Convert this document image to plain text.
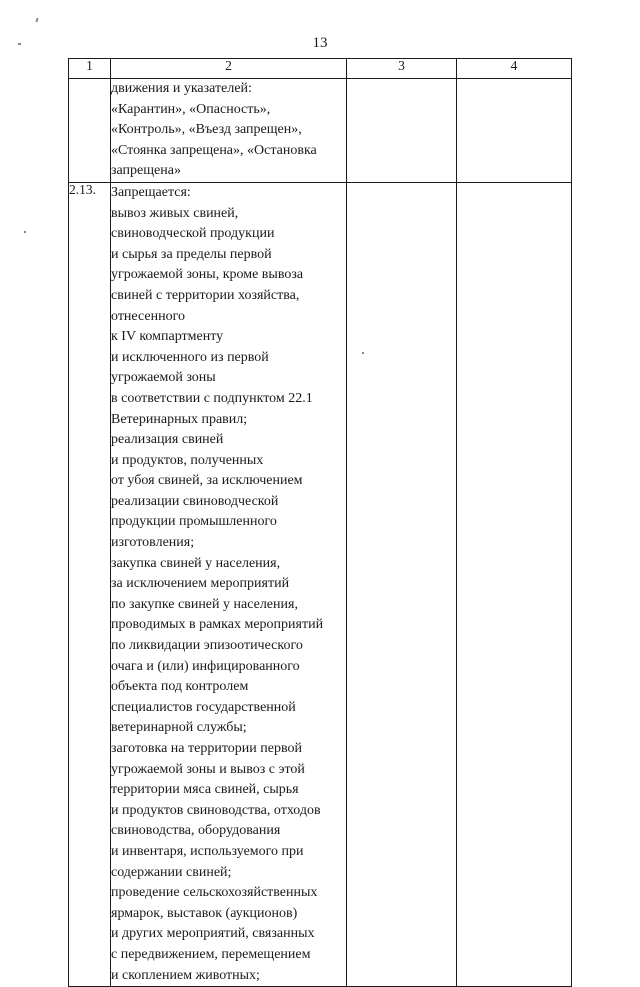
13
1	2	3	4

	движения и указателей:
«Карантин», «Опасность»,
«Контроль», «Въезд запрещен»,
«Стоянка запрещена», «Остановка
запрещена»		

2.13.	Запрещается:
вывоз живых свиней,
свиноводческой продукции
и сырья за пределы первой
угрожаемой зоны, кроме вывоза
свиней с территории хозяйства,
отнесенного
к IV компартменту
и исключенного из первой
угрожаемой зоны
в соответствии с подпунктом 22.1
Ветеринарных правил;
реализация свиней
и продуктов, полученных
от убоя свиней, за исключением
реализации свиноводческой
продукции промышленного
изготовления;
закупка свиней у населения,
за исключением мероприятий
по закупке свиней у населения,
проводимых в рамках мероприятий
по ликвидации эпизоотического
очага и (или) инфицированного
объекта под контролем
специалистов государственной
ветеринарной службы;
заготовка на территории первой
угрожаемой зоны и вывоз с этой
территории мяса свиней, сырья
и продуктов свиноводства, отходов
свиноводства, оборудования
и инвентаря, используемого при
содержании свиней;
проведение сельскохозяйственных
ярмарок, выставок (аукционов)
и других мероприятий, связанных
с передвижением, перемещением
и скоплением животных;
